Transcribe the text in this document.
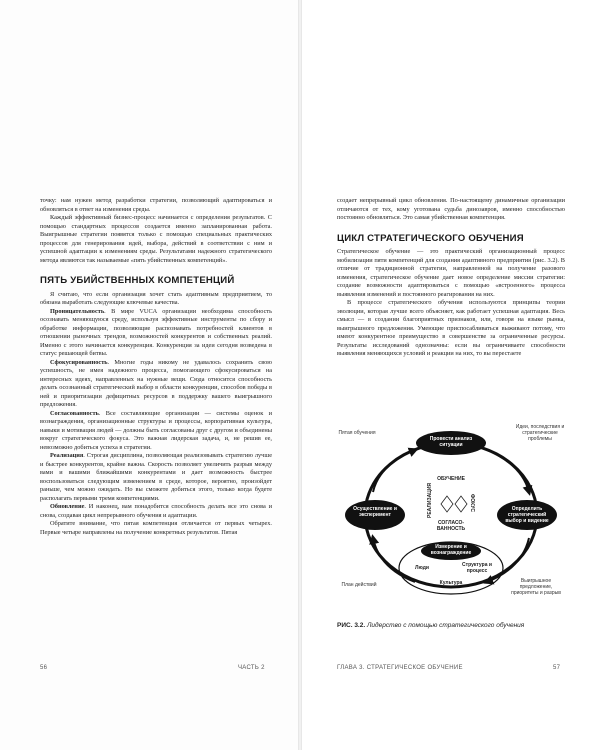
точку: нам нужен метод разработки стратегии, позволяющий адаптироваться и обновляться в ответ на изменения среды.

Каждый эффективный бизнес-процесс начинается с определения результатов. С помощью стандартных процессов создается именно запланированная работа. Выигрышные стратегии появятся только с помощью специальных практических процессов для генерирования идей, выбора, действий в соответствии с ним и успешной адаптации к изменениям среды. Результатами надежного стратегического метода являются так называемые «пять убийственных компетенций».

ПЯТЬ УБИЙСТВЕННЫХ КОМПЕТЕНЦИЙ

Я считаю, что если организация хочет стать адаптивным предприятием, то обязана выработать следующие ключевые качества.

Проницательность. В мире VUCA организации необходима способность осознавать меняющуюся среду, используя эффективные инструменты по сбору и обработке информации, позволяющие распознавать потребностей клиентов в отношении рыночных трендов, возможностей конкурентов и собственных реалий. Именно с этого начинается конкуренция. Конкуренция за идеи сегодня возведена в статус решающей битвы.

Сфокусированность. Многие годы никому не удавалось сохранить свою успешность, не имея надежного процесса, помогающего сфокусироваться на интересных идеях, направленных на нужные вещи. Сюда относится способность делать осознанный стратегический выбор в области конкуренции, способов победы в ней и приоритизации дефицитных ресурсов в поддержку вашего выигрышного предложения.

Согласованность. Все составляющие организации — системы оценок и вознаграждения, организационные структуры и процессы, корпоративная культура, навыки и мотивация людей — должны быть согласованы друг с другом и объединены вокруг стратегического фокуса. Это важная лидерская задача, и, не решив ее, невозможно добиться успеха в стратегии.

Реализация. Строгая дисциплина, позволяющая реализовывать стратегию лучше и быстрее конкурентов, крайне важна. Скорость позволяет увеличить разрыв между вами и вашими ближайшими конкурентами и дает возможность быстрее воспользоваться следующим изменением в среде, которое, вероятно, произойдет раньше, чем можно ожидать. Но вы сможете добиться этого, только когда будете располагать первыми тремя компетенциями.

Обновление. И наконец, вам понадобится способность делать все это снова и снова, создавая цикл непрерывного обучения и адаптации.

Обратите внимание, что пятая компетенция отличается от первых четырех. Первые четыре направлены на получение конкретных результатов. Пятая

56	ЧАСТЬ 2

создает непрерывный цикл обновления. По-настоящему динамичные организации отличаются от тех, кому уготована судьба динозавров, именно способностью постоянно обновляться. Это самая убийственная компетенция.

ЦИКЛ СТРАТЕГИЧЕСКОГО ОБУЧЕНИЯ

Стратегическое обучение — это практический организационный процесс мобилизации пяти компетенций для создания адаптивного предприятия (рис. 3.2). В отличие от традиционной стратегии, направленной на получение разового изменения, стратегическое обучение дает новое определение миссии стратегии: создание возможности адаптироваться с помощью «встроенного» процесса выявления изменений и постоянного реагирования на них.

В процессе стратегического обучения используются принципы теории эволюции, которая лучше всего объясняет, как работает успешная адаптация. Весь смысл — в создании благоприятных признаков, или, говоря на языке рынка, выигрышного предложения. Умеющие приспосабливаться выживают потому, что имеют конкурентное преимущество в совершенстве за ограниченные ресурсы. Результаты исследований однозначны: если вы ограничиваете способности выявления меняющихся условий и реакции на них, то вы перестаете

Провести анализ ситуации
Определить стратегический выбор и видение
Осуществление и эксперимент
Измерение и вознаграждение
Пятая обучения
Идеи, последствия и стратегические проблемы
План действий
Выигрышное предложение, приоритеты и разрыв
ОБУЧЕНИЕ
РЕАЛИЗАЦИЯ	ФОКУС
СОГЛАСО-ВАННОСТЬ
Люди	Структура и процесс
Культура
РИС. 3.2. Лидерство с помощью стратегического обучения
ГЛАВА 3. СТРАТЕГИЧЕСКОЕ ОБУЧЕНИЕ	57
